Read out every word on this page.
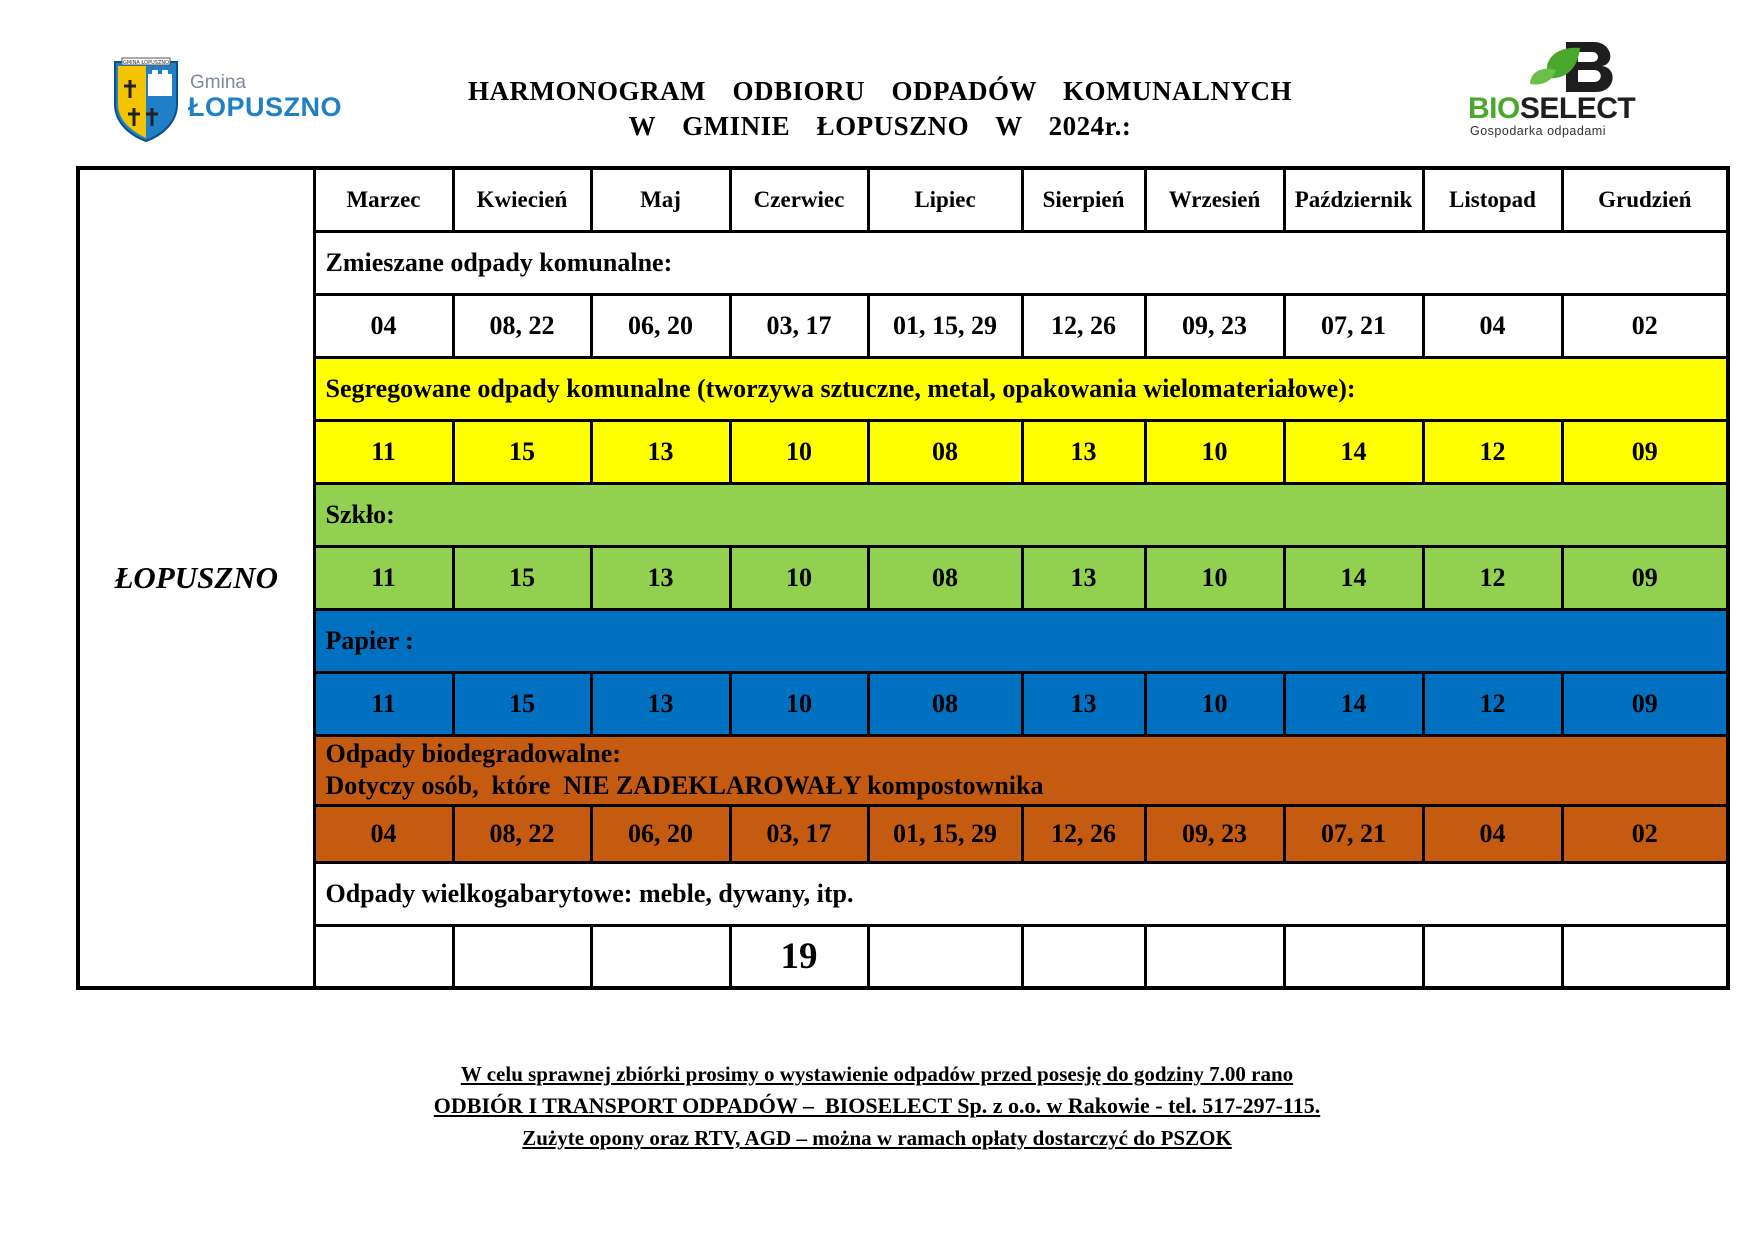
GMINA ŁOPUSZNO
Gmina
ŁOPUSZNO
HARMONOGRAM  ODBIORU  ODPADÓW  KOMUNALNYCH
W  GMINIE  ŁOPUSZNO  W  2024r.:
BIOSELECT
Gospodarka odpadami
ŁOPUSZNO	Marzec	Kwiecień	Maj	Czerwiec	Lipiec	Sierpień	Wrzesień	Październik	Listopad	Grudzień

	Zmieszane odpady komunalne:									

	04	08, 22	06, 20	03, 17	01, 15, 29	12, 26	09, 23	07, 21	04	02

	Segregowane odpady komunalne (tworzywa sztuczne, metal, opakowania wielomateriałowe):									

	11	15	13	10	08	13	10	14	12	09

	Szkło:									

	11	15	13	10	08	13	10	14	12	09

	Papier :									

	11	15	13	10	08	13	10	14	12	09

	Odpady biodegradowalne:
Dotyczy osób,  które  NIE ZADEKLAROWAŁY kompostownika									

	04	08, 22	06, 20	03, 17	01, 15, 29	12, 26	09, 23	07, 21	04	02

	Odpady wielkogabarytowe: meble, dywany, itp.									

				19						
W celu sprawnej zbiórki prosimy o wystawienie odpadów przed posesję do godziny 7.00 rano
ODBIÓR I TRANSPORT ODPADÓW –  BIOSELECT Sp. z o.o. w Rakowie - tel. 517-297-115.
Zużyte opony oraz RTV, AGD – można w ramach opłaty dostarczyć do PSZOK
